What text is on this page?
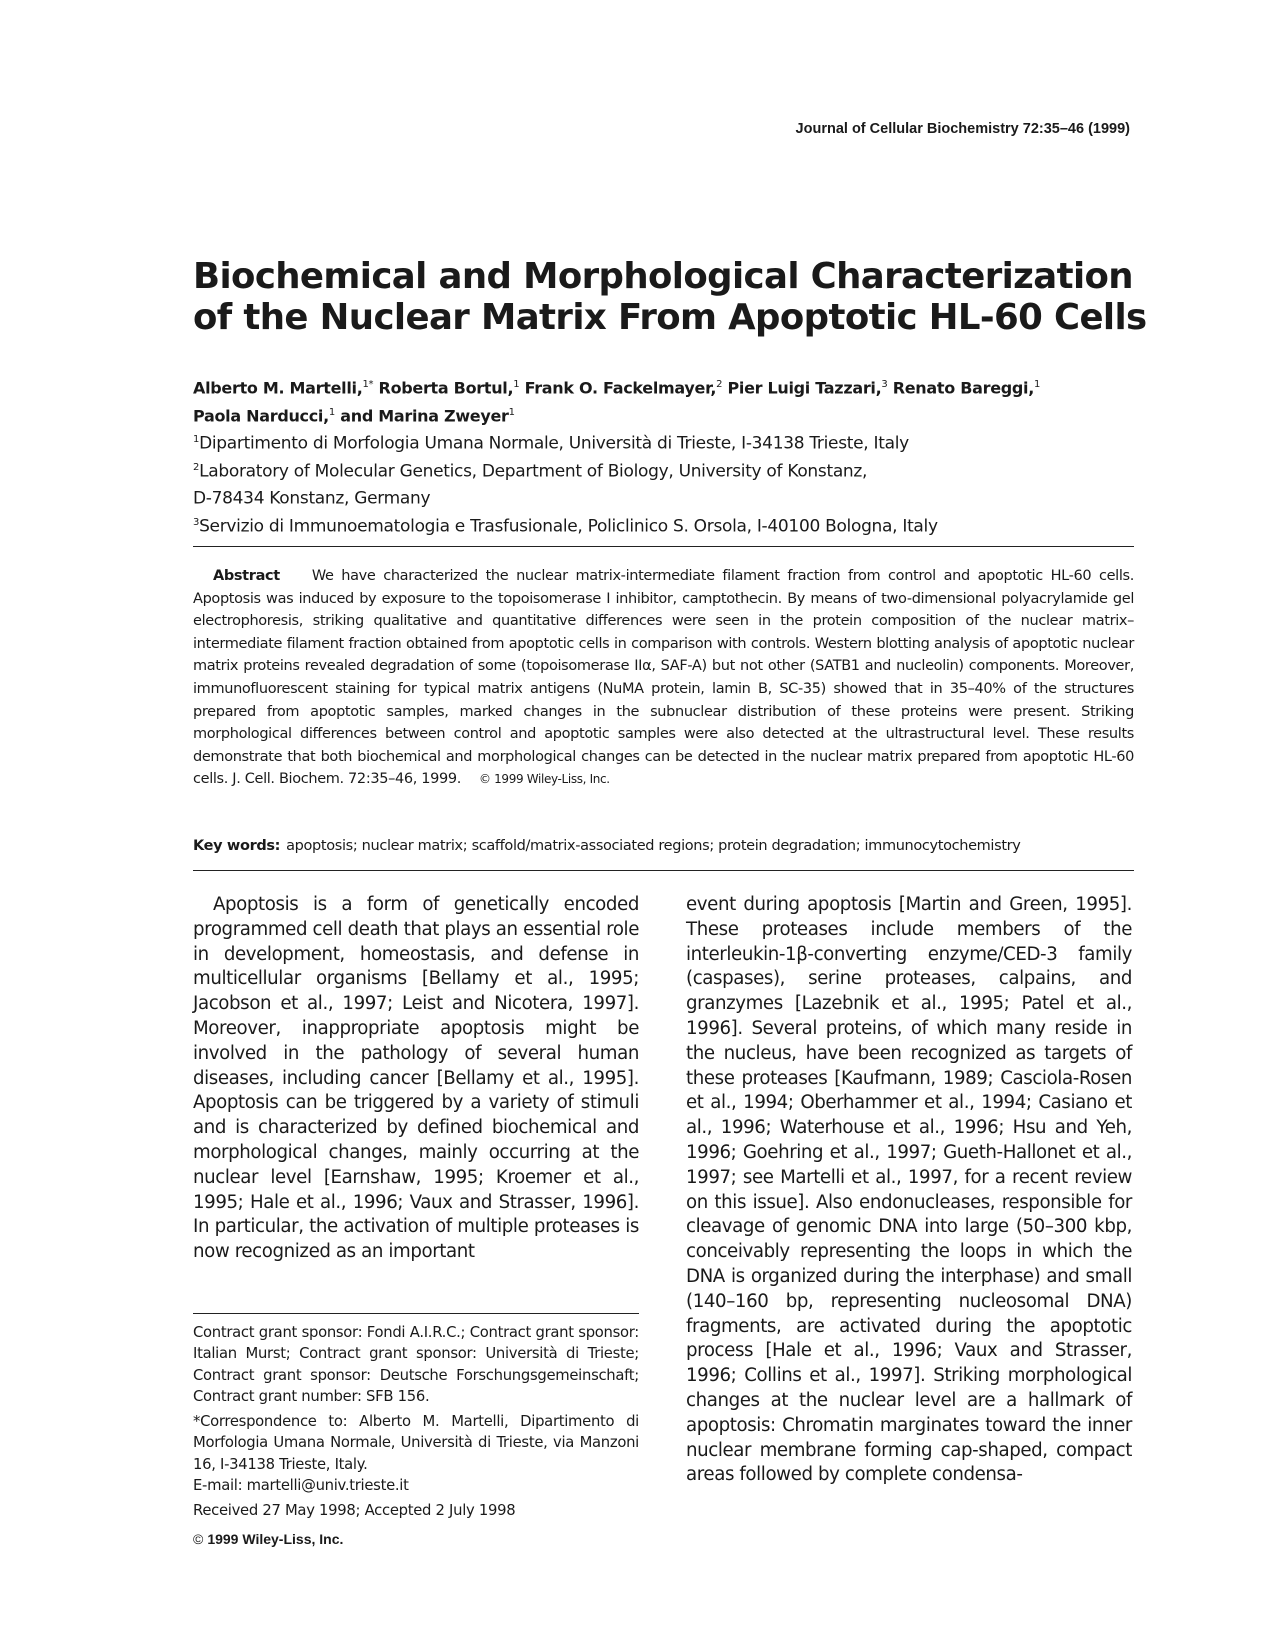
Journal of Cellular Biochemistry 72:35–46 (1999)
Biochemical and Morphological Characterization
of the Nuclear Matrix From Apoptotic HL-60 Cells
Alberto M. Martelli,$^{1*}$ Roberta Bortul,$^1$ Frank O. Fackelmayer,$^2$ Pier Luigi Tazzari,$^3$ Renato Bareggi,$^1$
Paola Narducci,$^1$ and Marina Zweyer$^1$
$^1$Dipartimento di Morfologia Umana Normale, Università di Trieste, I-34138 Trieste, Italy
$^2$Laboratory of Molecular Genetics, Department of Biology, University of Konstanz,
D-78434 Konstanz, Germany
$^3$Servizio di Immunoematologia e Trasfusionale, Policlinico S. Orsola, I-40100 Bologna, Italy
Abstract We have characterized the nuclear matrix-intermediate filament fraction from control and apoptotic HL-60 cells. Apoptosis was induced by exposure to the topoisomerase I inhibitor, camptothecin. By means of two-dimensional polyacrylamide gel electrophoresis, striking qualitative and quantitative differences were seen in the protein composition of the nuclear matrix–intermediate filament fraction obtained from apoptotic cells in comparison with controls. Western blotting analysis of apoptotic nuclear matrix proteins revealed degradation of some (topoisomerase IIα, SAF-A) but not other (SATB1 and nucleolin) components. Moreover, immunofluorescent staining for typical matrix antigens (NuMA protein, lamin B, SC-35) showed that in 35–40% of the structures prepared from apoptotic samples, marked changes in the subnuclear distribution of these proteins were present. Striking morphological differences between control and apoptotic samples were also detected at the ultrastructural level. These results demonstrate that both biochemical and morphological changes can be detected in the nuclear matrix prepared from apoptotic HL-60 cells. J. Cell. Biochem. 72:35–46, 1999. © 1999 Wiley-Liss, Inc.
Key words: apoptosis; nuclear matrix; scaffold/matrix-associated regions; protein degradation; immunocytochemistry

Apoptosis is a form of genetically encoded programmed cell death that plays an essential role in development, homeostasis, and defense in multicellular organisms [Bellamy et al., 1995; Jacobson et al., 1997; Leist and Nicotera, 1997]. Moreover, inappropriate apoptosis might be involved in the pathology of several human diseases, including cancer [Bellamy et al., 1995]. Apoptosis can be triggered by a variety of stimuli and is characterized by defined biochemical and morphological changes, mainly occurring at the nuclear level [Earnshaw, 1995; Kroemer et al., 1995; Hale et al., 1996; Vaux and Strasser, 1996]. In particular, the activation of multiple proteases is now recognized as an important

event during apoptosis [Martin and Green, 1995]. These proteases include members of the interleukin-1β-converting enzyme/CED-3 family (caspases), serine proteases, calpains, and granzymes [Lazebnik et al., 1995; Patel et al., 1996]. Several proteins, of which many reside in the nucleus, have been recognized as targets of these proteases [Kaufmann, 1989; Casciola-Rosen et al., 1994; Oberhammer et al., 1994; Casiano et al., 1996; Waterhouse et al., 1996; Hsu and Yeh, 1996; Goehring et al., 1997; Gueth-Hallonet et al., 1997; see Martelli et al., 1997, for a recent review on this issue]. Also endonucleases, responsible for cleavage of genomic DNA into large (50–300 kbp, conceivably representing the loops in which the DNA is organized during the interphase) and small (140–160 bp, representing nucleosomal DNA) fragments, are activated during the apoptotic process [Hale et al., 1996; Vaux and Strasser, 1996; Collins et al., 1997]. Striking morphological changes at the nuclear level are a hallmark of apoptosis: Chromatin marginates toward the inner nuclear membrane forming cap-shaped, compact areas followed by complete condensa-

Contract grant sponsor: Fondi A.I.R.C.; Contract grant sponsor: Italian Murst; Contract grant sponsor: Università di Trieste; Contract grant sponsor: Deutsche Forschungsgemeinschaft; Contract grant number: SFB 156.

*Correspondence to: Alberto M. Martelli, Dipartimento di Morfologia Umana Normale, Università di Trieste, via Manzoni 16, I-34138 Trieste, Italy.

E-mail: martelli@univ.trieste.it

Received 27 May 1998; Accepted 2 July 1998

© 1999 Wiley-Liss, Inc.
